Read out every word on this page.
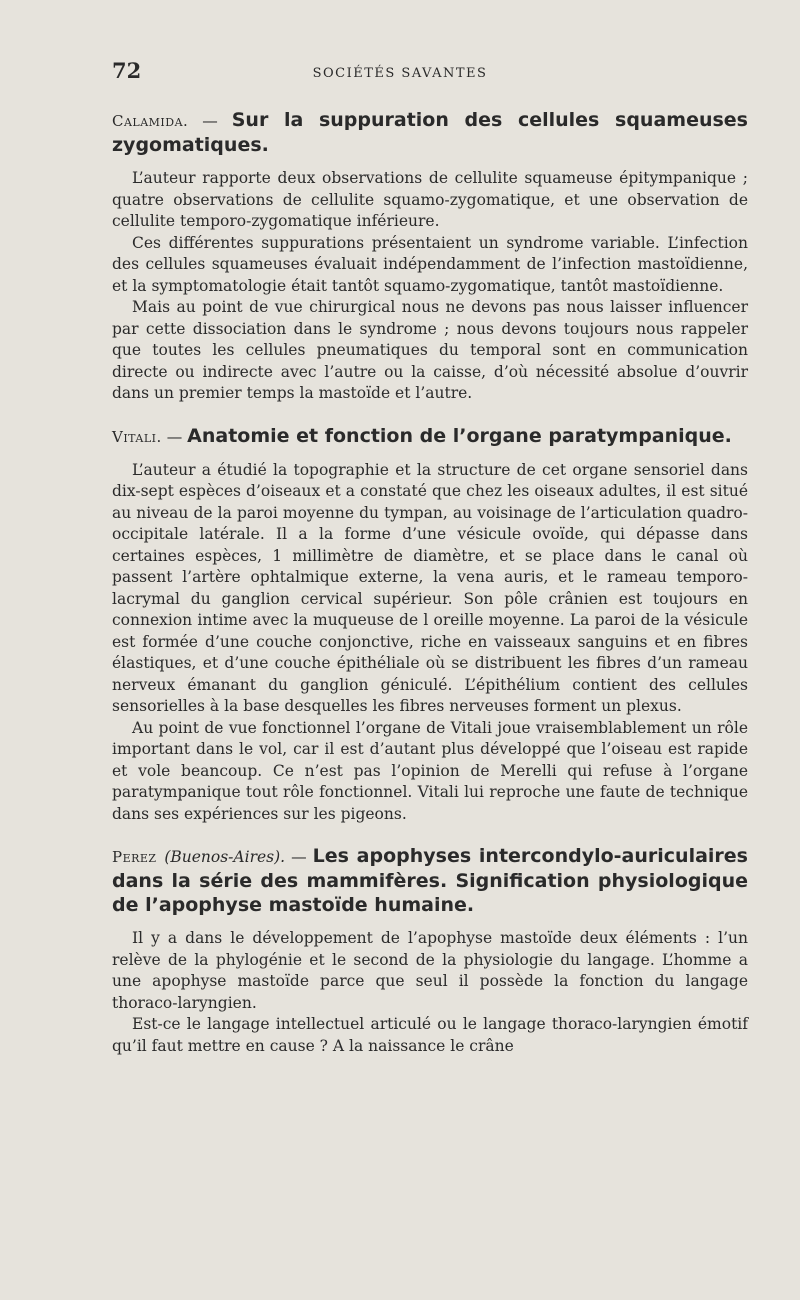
72	SOCIÉTÉS SAVANTES
Calamida. — Sur la suppuration des cellules squameuses zygomatiques.

L’auteur rapporte deux observations de cellulite squameuse épitympanique ; quatre observations de cellulite squamo-zygomatique, et une observation de cellulite temporo-zygomatique inférieure.

Ces différentes suppurations présentaient un syndrome variable. L’infection des cellules squameuses évaluait indépendamment de l’infection mastoïdienne, et la symptomatologie était tantôt squamo-zygomatique, tantôt mastoïdienne.

Mais au point de vue chirurgical nous ne devons pas nous laisser influencer par cette dissociation dans le syndrome ; nous devons toujours nous rappeler que toutes les cellules pneumatiques du temporal sont en communication directe ou indirecte avec l’autre ou la caisse, d’où nécessité absolue d’ouvrir dans un premier temps la mastoïde et l’autre.

Vitali. — Anatomie et fonction de l’organe paratympanique.

L’auteur a étudié la topographie et la structure de cet organe sensoriel dans dix-sept espèces d’oiseaux et a constaté que chez les oiseaux adultes, il est situé au niveau de la paroi moyenne du tympan, au voisinage de l’articulation quadro-occipitale latérale. Il a la forme d’une vésicule ovoïde, qui dépasse dans certaines espèces, 1 millimètre de diamètre, et se place dans le canal où passent l’artère ophtalmique externe, la vena auris, et le rameau temporo-lacrymal du ganglion cervical supérieur. Son pôle crânien est toujours en connexion intime avec la muqueuse de l oreille moyenne. La paroi de la vésicule est formée d’une couche conjonctive, riche en vaisseaux sanguins et en fibres élastiques, et d’une couche épithéliale où se distribuent les fibres d’un rameau nerveux émanant du ganglion géniculé. L’épithélium contient des cellules sensorielles à la base desquelles les fibres nerveuses forment un plexus.

Au point de vue fonctionnel l’organe de Vitali joue vraisemblablement un rôle important dans le vol, car il est d’autant plus développé que l’oiseau est rapide et vole beancoup. Ce n’est pas l’opinion de Merelli qui refuse à l’organe paratympanique tout rôle fonctionnel. Vitali lui reproche une faute de technique dans ses expériences sur les pigeons.

Perez (Buenos-Aires). — Les apophyses intercondylo-auriculaires dans la série des mammifères. Signification physiologique de l’apophyse mastoïde humaine.

Il y a dans le développement de l’apophyse mastoïde deux éléments : l’un relève de la phylogénie et le second de la physiologie du langage. L’homme a une apophyse mastoïde parce que seul il possède la fonction du langage thoraco-laryngien.

Est-ce le langage intellectuel articulé ou le langage thoraco-laryngien émotif qu’il faut mettre en cause ? A la naissance le crâne
